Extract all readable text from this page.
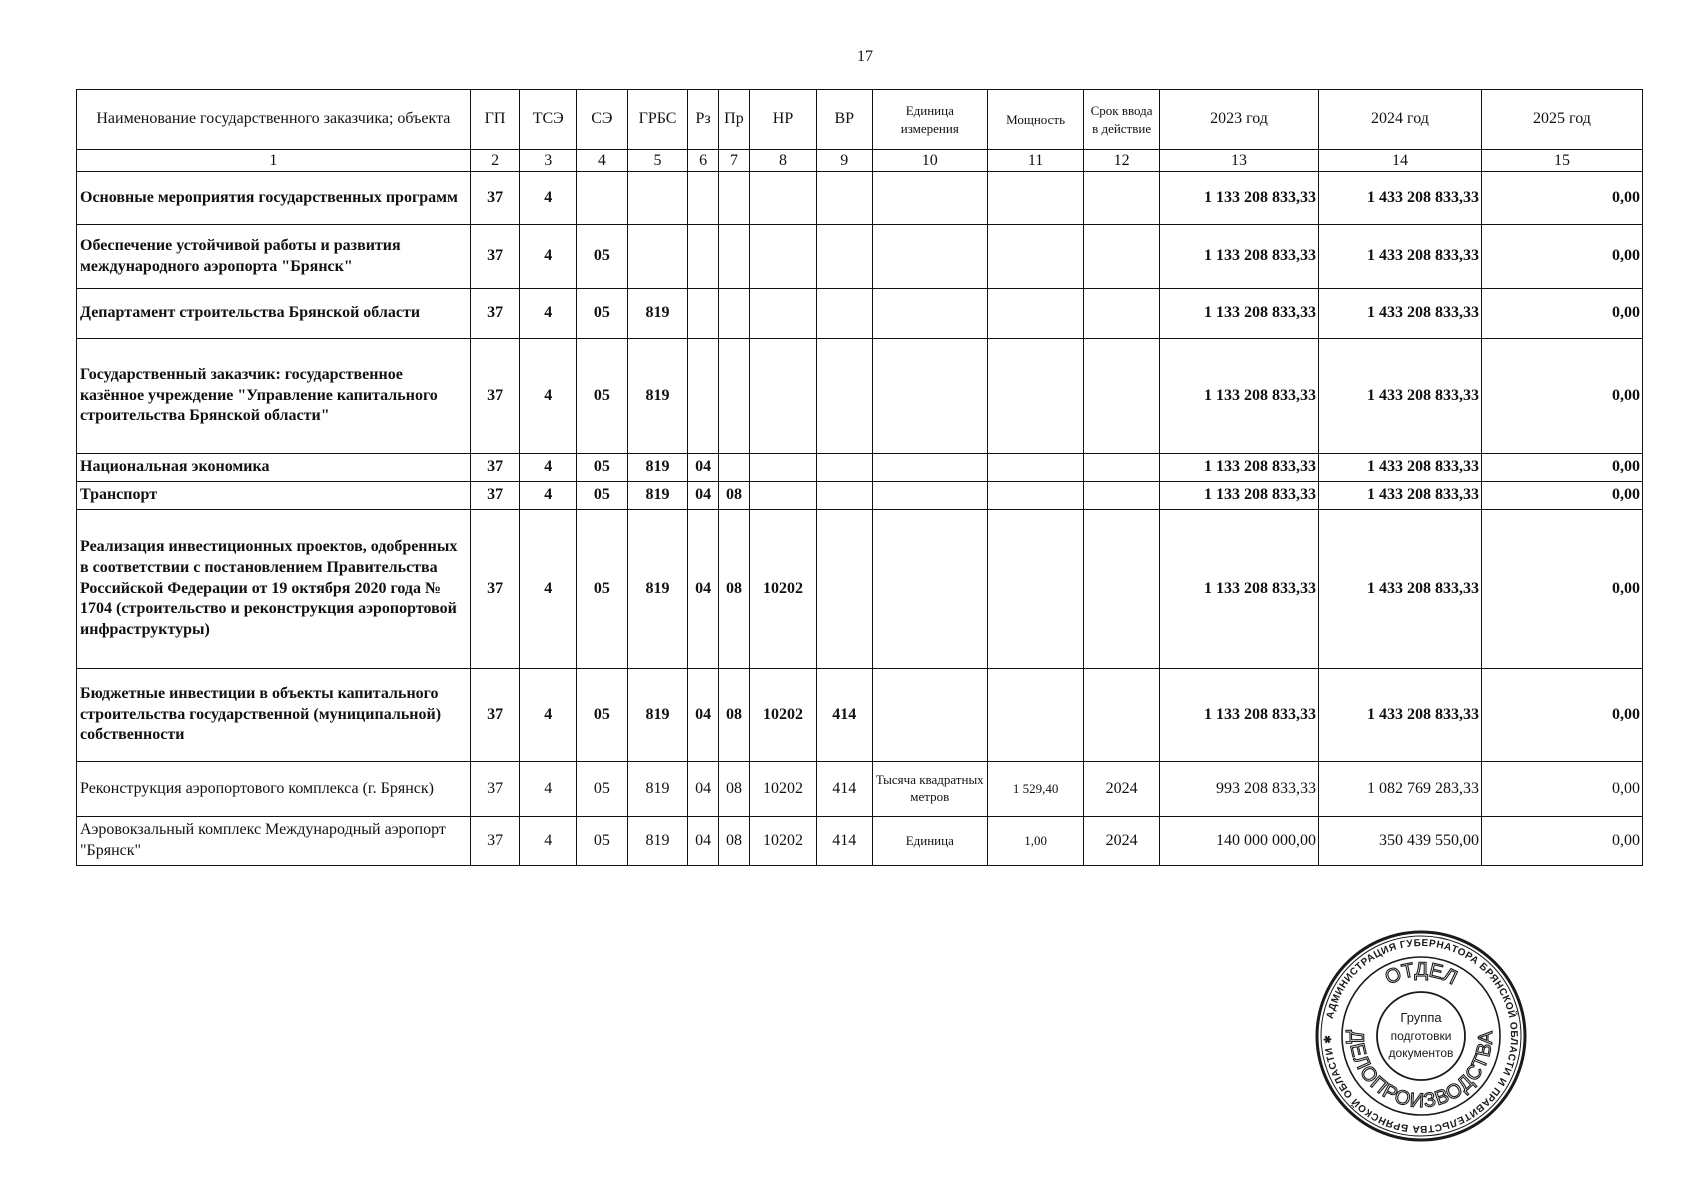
17
Наименование государственного заказчика; объекта	ГП	ТСЭ	СЭ	ГРБС	Рз	Пр	НР	ВР	Единица измерения	Мощность	Срок ввода в действие	2023 год	2024 год	2025 год
1	2	3	4	5	6	7	8	9	10	11	12	13	14	15
Основные мероприятия государственных программ	37	4										1 133 208 833,33	1 433 208 833,33	0,00
Обеспечение устойчивой работы и развития международного аэропорта "Брянск"	37	4	05									1 133 208 833,33	1 433 208 833,33	0,00
Департамент строительства Брянской области	37	4	05	819								1 133 208 833,33	1 433 208 833,33	0,00
Государственный заказчик: государственное казённое учреждение "Управление капитального строительства Брянской области"	37	4	05	819								1 133 208 833,33	1 433 208 833,33	0,00
Национальная экономика	37	4	05	819	04							1 133 208 833,33	1 433 208 833,33	0,00
Транспорт	37	4	05	819	04	08						1 133 208 833,33	1 433 208 833,33	0,00
Реализация инвестиционных проектов, одобренных в соответствии с постановлением Правительства Российской Федерации от 19 октября 2020 года № 1704 (строительство и реконструкция аэропортовой инфраструктуры)	37	4	05	819	04	08	10202					1 133 208 833,33	1 433 208 833,33	0,00
Бюджетные инвестиции в объекты капитального строительства государственной (муниципальной) собственности	37	4	05	819	04	08	10202	414				1 133 208 833,33	1 433 208 833,33	0,00
Реконструкция аэропортового комплекса (г. Брянск)	37	4	05	819	04	08	10202	414	Тысяча квадратных метров	1 529,40	2024	993 208 833,33	1 082 769 283,33	0,00
Аэровокзальный комплекс Международный аэропорт "Брянск"	37	4	05	819	04	08	10202	414	Единица	1,00	2024	140 000 000,00	350 439 550,00	0,00
АДМИНИСТРАЦИЯ ГУБЕРНАТОРА БРЯНСКОЙ ОБЛАСТИ И ПРАВИТЕЛЬСТВА БРЯНСКОЙ ОБЛАСТИ ✱
ОТДЕЛ
ДЕЛОПРОИЗВОДСТВА
Группа
подготовки
документов
